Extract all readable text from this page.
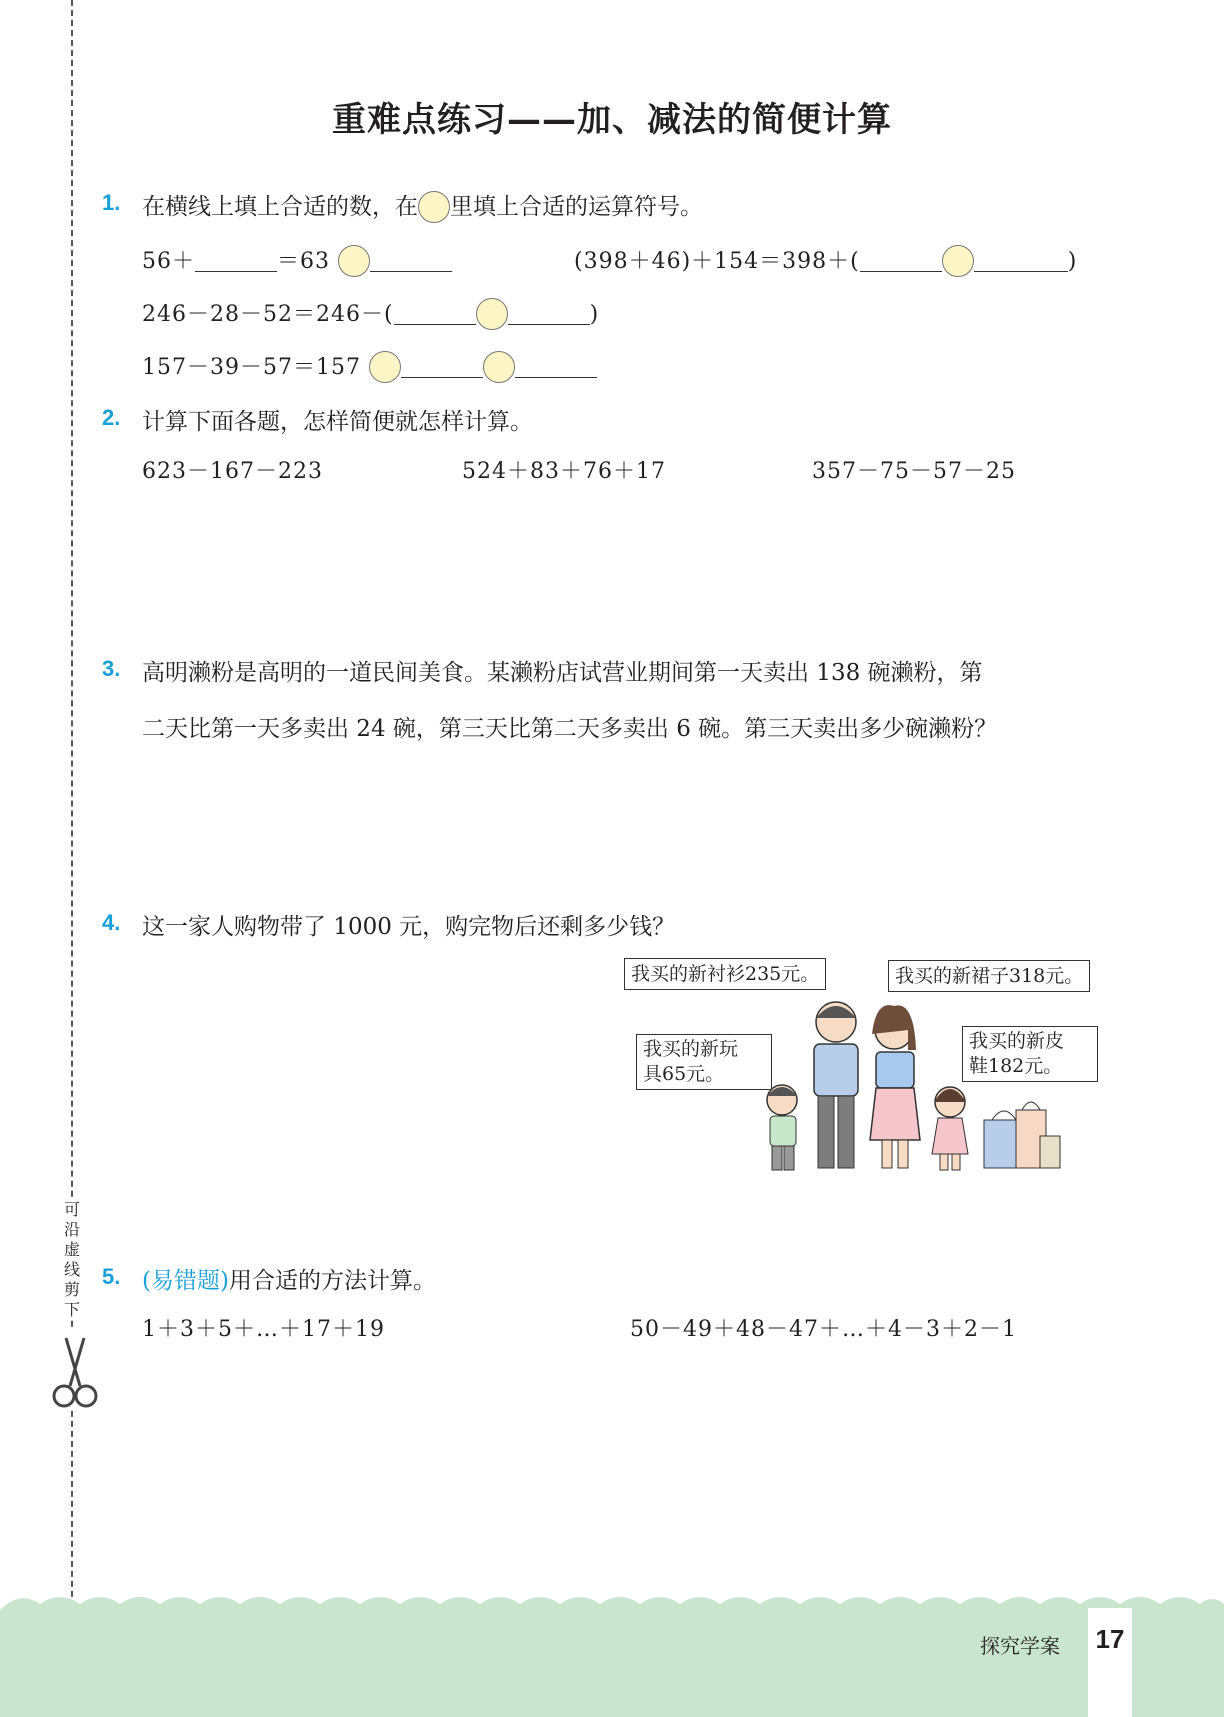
可
沿
虚
线
剪
下
重难点练习——加、减法的简便计算
1. 在横线上填上合适的数，在 里填上合适的运算符号。
56＋	＝63	(398＋46)＋154＝398＋(	)
246－28－52＝246－(	)
157－39－57＝157
2. 计算下面各题，怎样简便就怎样计算。
623－167－223	524＋83＋76＋17	357－75－57－25
3. 高明濑粉是高明的一道民间美食。某濑粉店试营业期间第一天卖出 138 碗濑粉，第
二天比第一天多卖出 24 碗，第三天比第二天多卖出 6 碗。第三天卖出多少碗濑粉？
4. 这一家人购物带了 1000 元，购完物后还剩多少钱？
我买的新衬衫235元。	我买的新裙子318元。
我买的新玩
具65元。
我买的新皮
鞋182元。
5. (易错题)用合适的方法计算。
1＋3＋5＋…＋17＋19	50－49＋48－47＋…＋4－3＋2－1
探究学案 17
